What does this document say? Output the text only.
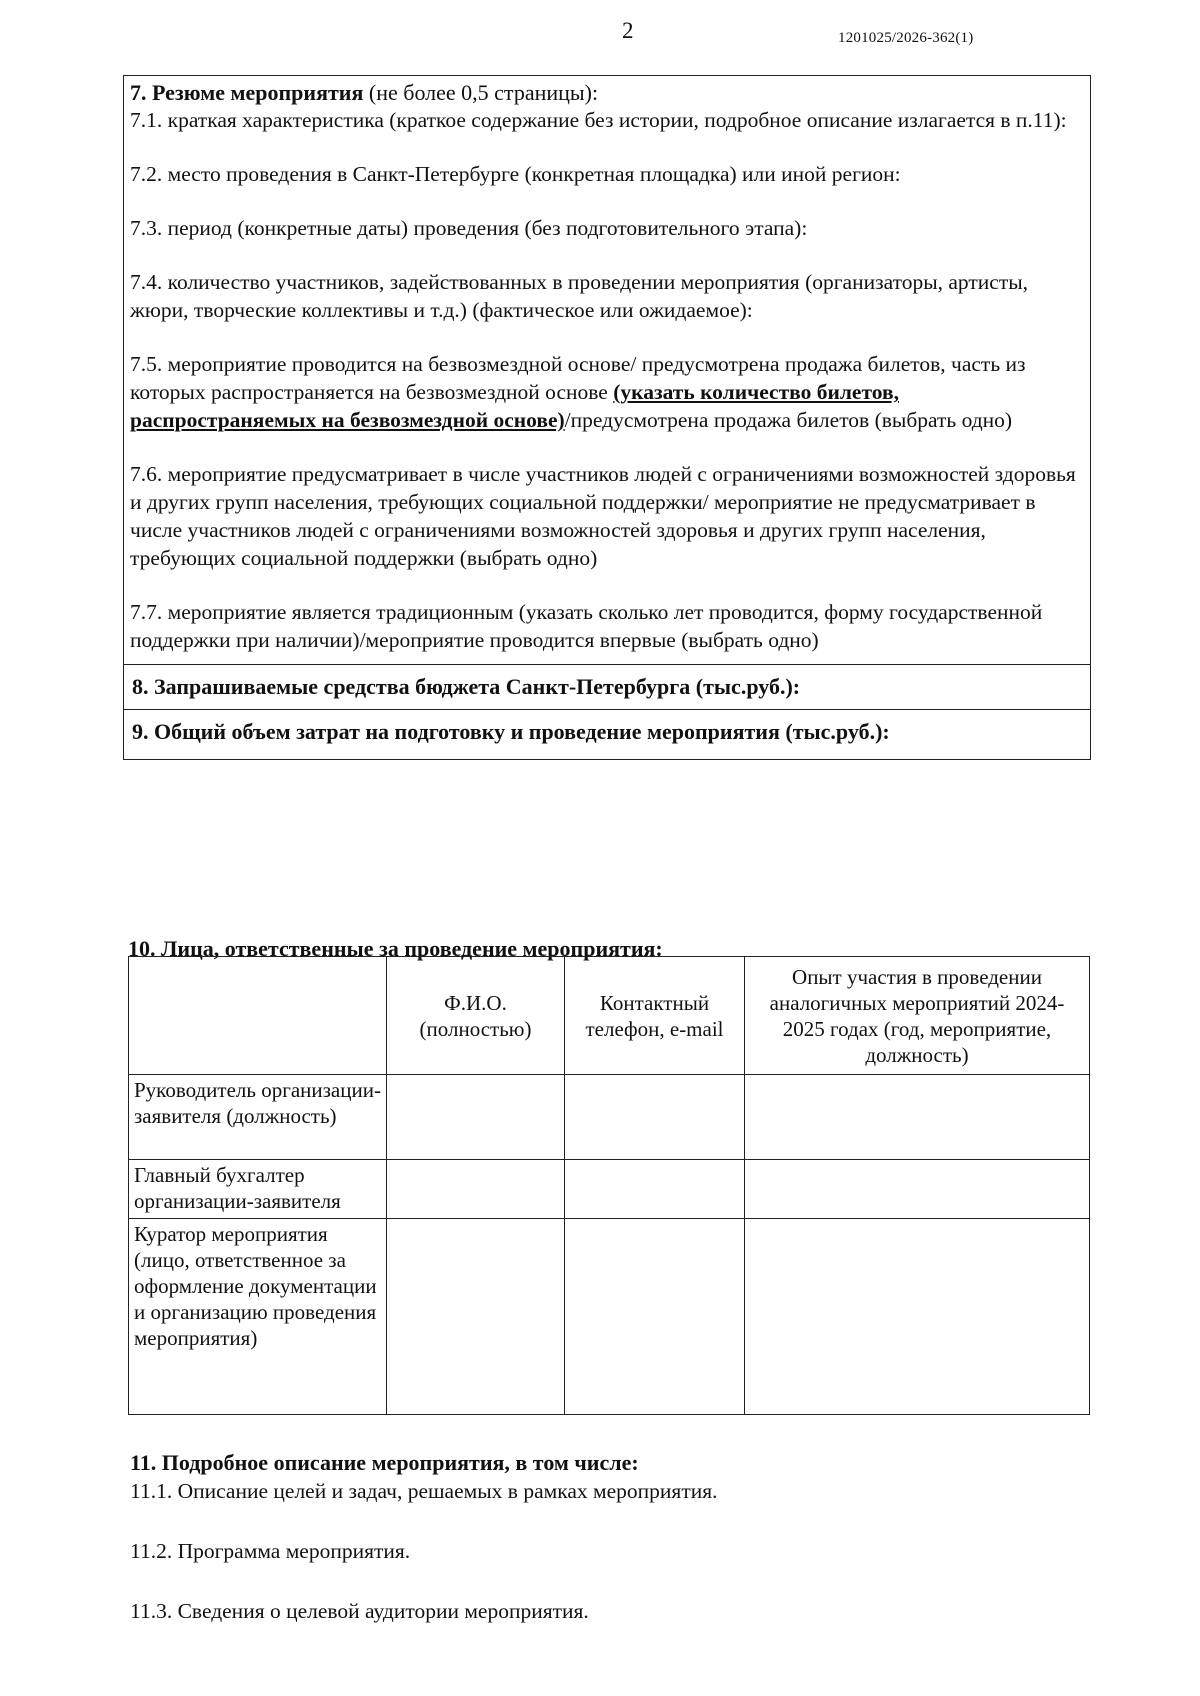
2	1201025/2026-362(1)
7. Резюме мероприятия (не более 0,5 страницы):
7.1. краткая характеристика (краткое содержание без истории, подробное описание излагается в п.11):
7.2. место проведения в Санкт-Петербурге (конкретная площадка) или иной регион:
7.3. период (конкретные даты) проведения (без подготовительного этапа):
7.4. количество участников, задействованных в проведении мероприятия (организаторы, артисты, жюри, творческие коллективы и т.д.) (фактическое или ожидаемое):
7.5. мероприятие проводится на безвозмездной основе/ предусмотрена продажа билетов, часть из которых распространяется на безвозмездной основе (указать количество билетов, распространяемых на безвозмездной основе)/предусмотрена продажа билетов (выбрать одно)
7.6. мероприятие предусматривает в числе участников людей с ограничениями возможностей здоровья и других групп населения, требующих социальной поддержки/ мероприятие не предусматривает в числе участников людей с ограничениями возможностей здоровья и других групп населения, требующих социальной поддержки (выбрать одно)
7.7. мероприятие является традиционным (указать сколько лет проводится, форму государственной поддержки при наличии)/мероприятие проводится впервые (выбрать одно)
8. Запрашиваемые средства бюджета Санкт-Петербурга (тыс.руб.):
9. Общий объем затрат на подготовку и проведение мероприятия (тыс.руб.):
10. Лица, ответственные за проведение мероприятия:
	Ф.И.О. (полностью)	Контактный телефон, e-mail	Опыт участия в проведении аналогичных мероприятий 2024-2025 годах (год, мероприятие, должность)
Руководитель организации-заявителя (должность)			
Главный бухгалтер организации-заявителя			
Куратор мероприятия (лицо, ответственное за оформление документации и организацию проведения мероприятия)			
11. Подробное описание мероприятия, в том числе:
11.1. Описание целей и задач, решаемых в рамках мероприятия.
11.2. Программа мероприятия.
11.3. Сведения о целевой аудитории мероприятия.
